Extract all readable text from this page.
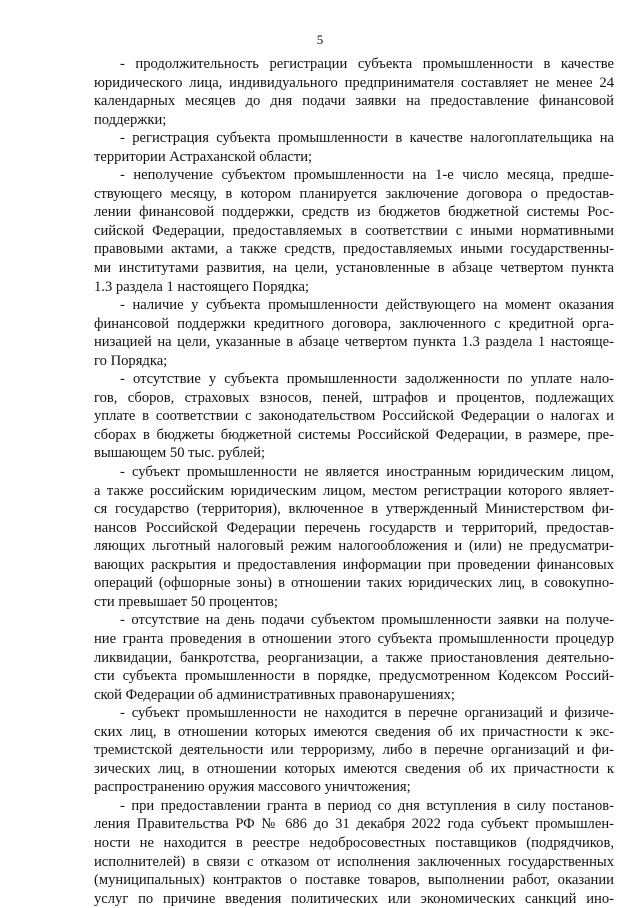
5
- продолжительность регистрации субъекта промышленности в качестве
юридического лица, индивидуального предпринимателя составляет не менее 24
календарных месяцев до дня подачи заявки на предоставление финансовой
поддержки;
- регистрация субъекта промышленности в качестве налогоплательщика на
территории Астраханской области;
- неполучение субъектом промышленности на 1-е число месяца, предше-
ствующего месяцу, в котором планируется заключение договора о предостав-
лении финансовой поддержки, средств из бюджетов бюджетной системы Рос-
сийской Федерации, предоставляемых в соответствии с иными нормативными
правовыми актами, а также средств, предоставляемых иными государственны-
ми институтами развития, на цели, установленные в абзаце четвертом пункта
1.3 раздела 1 настоящего Порядка;
- наличие у субъекта промышленности действующего на момент оказания
финансовой поддержки кредитного договора, заключенного с кредитной орга-
низацией на цели, указанные в абзаце четвертом пункта 1.3 раздела 1 настояще-
го Порядка;
- отсутствие у субъекта промышленности задолженности по уплате нало-
гов, сборов, страховых взносов, пеней, штрафов и процентов, подлежащих
уплате в соответствии с законодательством Российской Федерации о налогах и
сборах в бюджеты бюджетной системы Российской Федерации, в размере, пре-
вышающем 50 тыс. рублей;
- субъект промышленности не является иностранным юридическим лицом,
а также российским юридическим лицом, местом регистрации которого являет-
ся государство (территория), включенное в утвержденный Министерством фи-
нансов Российской Федерации перечень государств и территорий, предостав-
ляющих льготный налоговый режим налогообложения и (или) не предусматри-
вающих раскрытия и предоставления информации при проведении финансовых
операций (офшорные зоны) в отношении таких юридических лиц, в совокупно-
сти превышает 50 процентов;
- отсутствие на день подачи субъектом промышленности заявки на получе-
ние гранта проведения в отношении этого субъекта промышленности процедур
ликвидации, банкротства, реорганизации, а также приостановления деятельно-
сти субъекта промышленности в порядке, предусмотренном Кодексом Россий-
ской Федерации об административных правонарушениях;
- субъект промышленности не находится в перечне организаций и физиче-
ских лиц, в отношении которых имеются сведения об их причастности к экс-
тремистской деятельности или терроризму, либо в перечне организаций и фи-
зических лиц, в отношении которых имеются сведения об их причастности к
распространению оружия массового уничтожения;
- при предоставлении гранта в период со дня вступления в силу постанов-
ления Правительства РФ № 686 до 31 декабря 2022 года субъект промышлен-
ности не находится в реестре недобросовестных поставщиков (подрядчиков,
исполнителей) в связи с отказом от исполнения заключенных государственных
(муниципальных) контрактов о поставке товаров, выполнении работ, оказании
услуг по причине введения политических или экономических санкций ино-
